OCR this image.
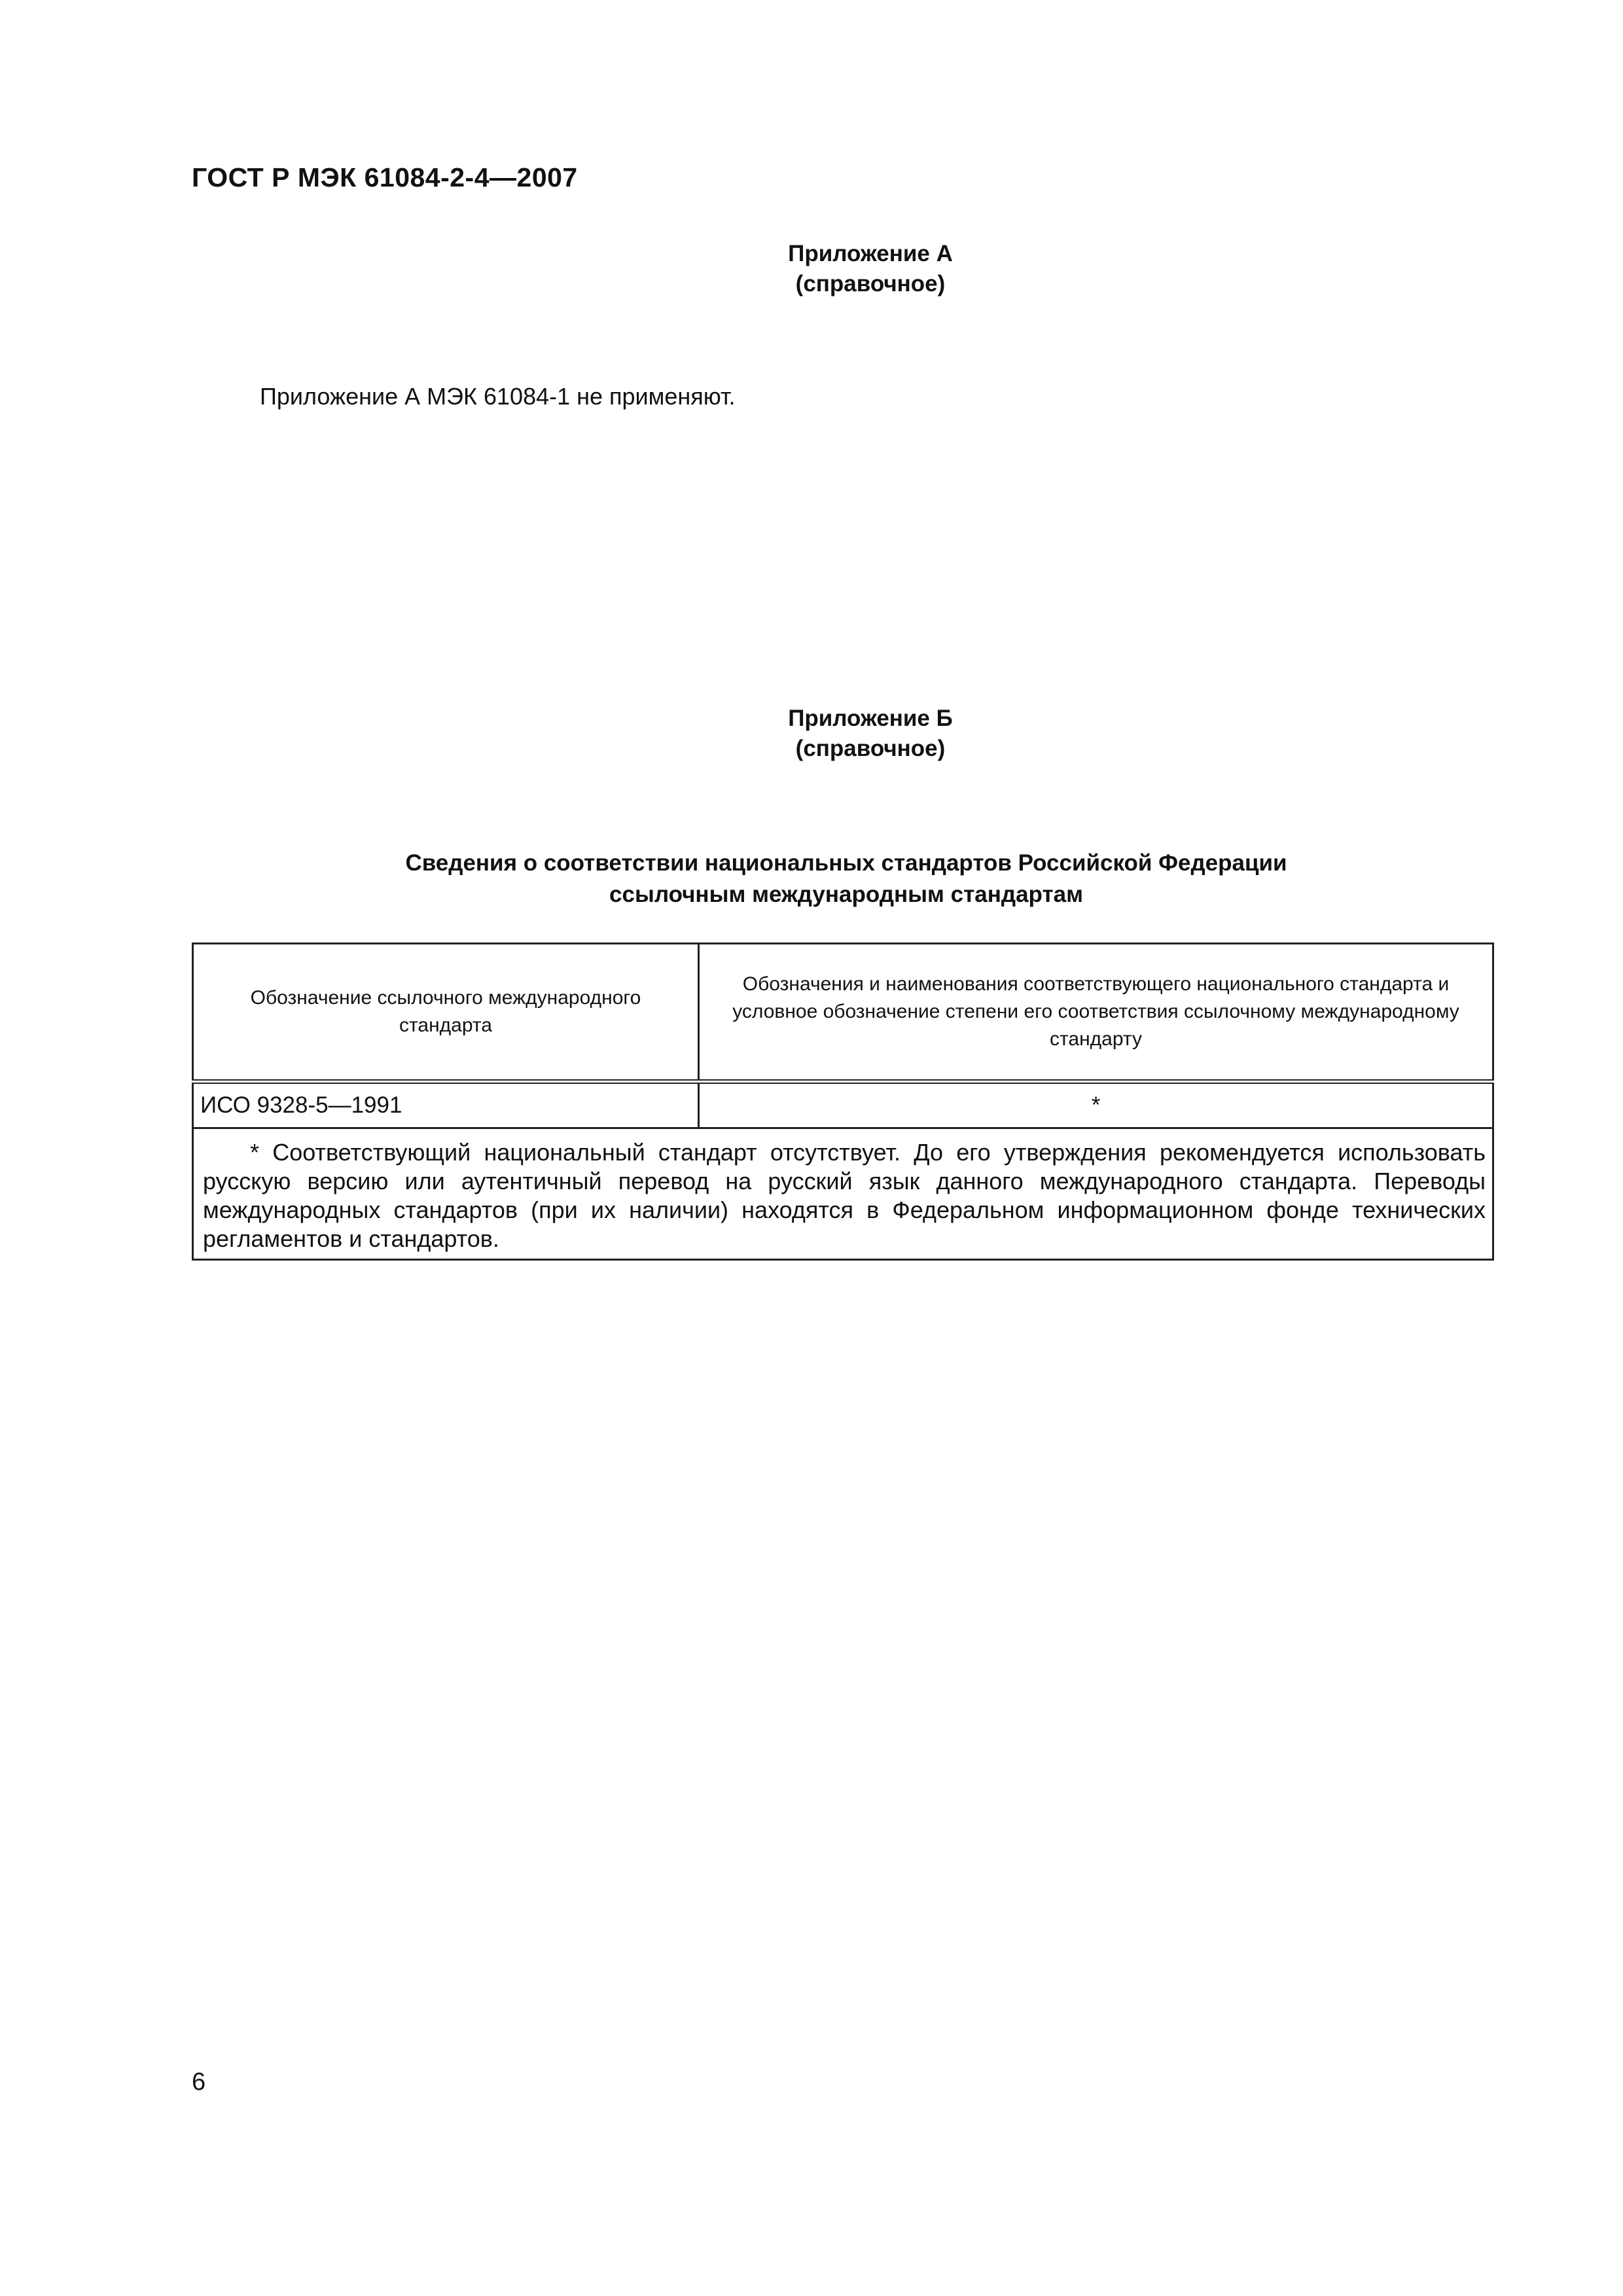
ГОСТ Р МЭК 61084-2-4—2007
Приложение А
(справочное)
Приложение А МЭК 61084-1 не применяют.
Приложение Б
(справочное)
Сведения о соответствии национальных стандартов Российской Федерации
ссылочным международным стандартам
Обозначение ссылочного международного стандарта	Обозначения и наименования соответствующего национального стандарта и условное обозначение степени его соответствия ссылочному международному стандарту
ИСО 9328-5—1991	*

* Соответствующий национальный стандарт отсутствует. До его утверждения рекомендуется использовать русскую версию или аутентичный перевод на русский язык данного международного стандарта. Переводы международных стандартов (при их наличии) находятся в Федеральном информационном фонде технических регламентов и стандартов.	
6
